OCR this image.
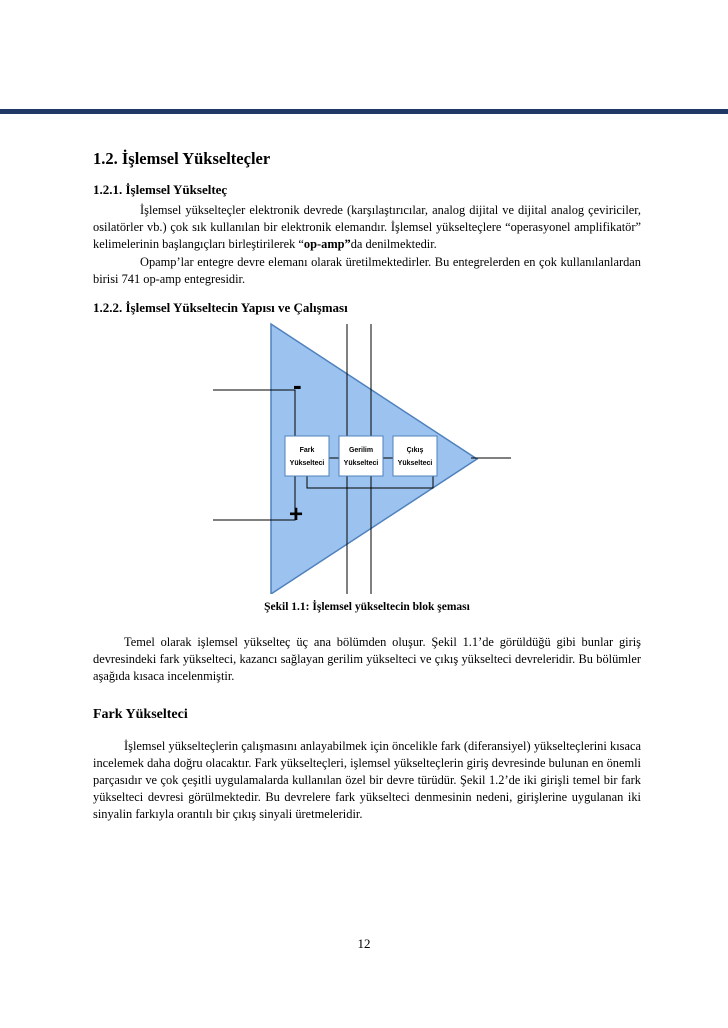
1.2. İşlemsel Yükselteçler
1.2.1. İşlemsel Yükselteç

İşlemsel yükselteçler elektronik devrede (karşılaştırıcılar, analog dijital ve dijital analog çeviriciler, osilatörler vb.) çok sık kullanılan bir elektronik elemandır. İşlemsel yükselteçlere “operasyonel amplifikatör” kelimelerinin başlangıçları birleştirilerek “op-amp”da denilmektedir.

Opamp’lar entegre devre elemanı olarak üretilmektedirler. Bu entegrelerden en çok kullanılanlardan birisi 741 op-amp entegresidir.

1.2.2. İşlemsel Yükseltecin Yapısı ve Çalışması
Fark
Yükselteci
Gerilim
Yükselteci
Çıkış
Yükselteci
-
+
Şekil 1.1: İşlemsel yükseltecin blok şeması

Temel olarak işlemsel yükselteç üç ana bölümden oluşur. Şekil 1.1’de görüldüğü gibi bunlar giriş devresindeki fark yükselteci, kazancı sağlayan gerilim yükselteci ve çıkış yükselteci devreleridir. Bu bölümler aşağıda kısaca incelenmiştir.

Fark Yükselteci

İşlemsel yükselteçlerin çalışmasını anlayabilmek için öncelikle fark (diferansiyel) yükselteçlerini kısaca incelemek daha doğru olacaktır. Fark yükselteçleri, işlemsel yükselteçlerin giriş devresinde bulunan en önemli parçasıdır ve çok çeşitli uygulamalarda kullanılan özel bir devre türüdür. Şekil 1.2’de iki girişli temel bir fark yükselteci devresi görülmektedir. Bu devrelere fark yükselteci denmesinin nedeni, girişlerine uygulanan iki sinyalin farkıyla orantılı bir çıkış sinyali üretmeleridir.

12
